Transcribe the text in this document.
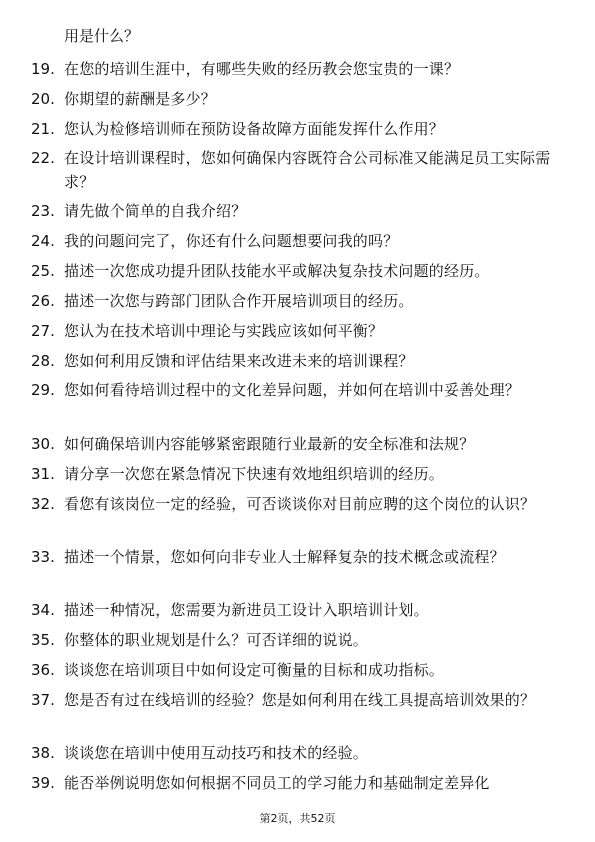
用是什么？
19. 在您的培训生涯中，有哪些失败的经历教会您宝贵的一课？
20. 你期望的薪酬是多少？
21. 您认为检修培训师在预防设备故障方面能发挥什么作用？
22. 在设计培训课程时，您如何确保内容既符合公司标准又能满足员工实际需求？
23. 请先做个简单的自我介绍？
24. 我的问题问完了，你还有什么问题想要问我的吗？
25. 描述一次您成功提升团队技能水平或解决复杂技术问题的经历。
26. 描述一次您与跨部门团队合作开展培训项目的经历。
27. 您认为在技术培训中理论与实践应该如何平衡？
28. 您如何利用反馈和评估结果来改进未来的培训课程？
29. 您如何看待培训过程中的文化差异问题，并如何在培训中妥善处理？
30. 如何确保培训内容能够紧密跟随行业最新的安全标准和法规？
31. 请分享一次您在紧急情况下快速有效地组织培训的经历。
32. 看您有该岗位一定的经验，可否谈谈你对目前应聘的这个岗位的认识？
33. 描述一个情景，您如何向非专业人士解释复杂的技术概念或流程？
34. 描述一种情况，您需要为新进员工设计入职培训计划。
35. 你整体的职业规划是什么？可否详细的说说。
36. 谈谈您在培训项目中如何设定可衡量的目标和成功指标。
37. 您是否有过在线培训的经验？您是如何利用在线工具提高培训效果的？
38. 谈谈您在培训中使用互动技巧和技术的经验。
39. 能否举例说明您如何根据不同员工的学习能力和基础制定差异化
第2页，共52页
